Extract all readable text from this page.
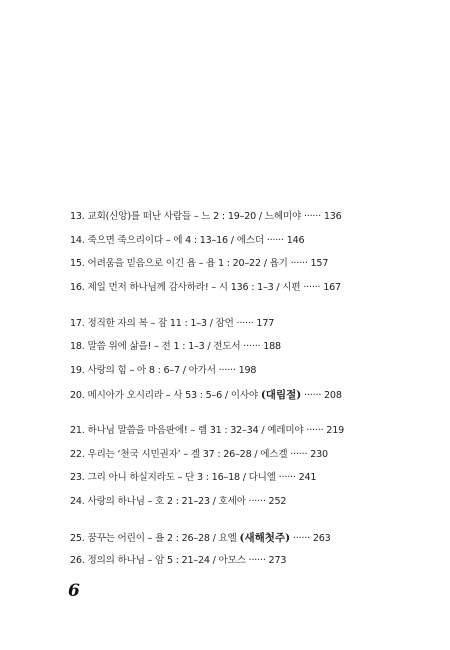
13. 교회(신앙)를 떠난 사람들 – 느 2 : 19–20 / 느헤미야 ······ 136
14. 죽으면 죽으리이다 – 에 4 : 13–16 / 에스더 ······ 146
15. 어려움을 믿음으로 이긴 욥 – 욥 1 : 20–22 / 욥기 ······ 157
16. 제일 먼저 하나님께 감사하라! – 시 136 : 1–3 / 시편 ······ 167
17. 정직한 자의 복 – 잠 11 : 1–3 / 잠언 ······ 177
18. 말씀 위에 삶을! – 전 1 : 1–3 / 전도서 ······ 188
19. 사랑의 힘 – 아 8 : 6–7 / 아가서 ······ 198
20. 메시아가 오시리라 – 사 53 : 5–6 / 이사야 (대림절) ······ 208
21. 하나님 말씀을 마음판에! – 렘 31 : 32–34 / 예레미야 ······ 219
22. 우리는 ‘천국 시민권자’ – 겔 37 : 26–28 / 에스겔 ······ 230
23. 그리 아니 하실지라도 – 단 3 : 16–18 / 다니엘 ······ 241
24. 사랑의 하나님 – 호 2 : 21–23 / 호세아 ······ 252
25. 꿈꾸는 어린이 – 욜 2 : 26–28 / 요엘 (새해첫주) ······ 263
26. 정의의 하나님 – 암 5 : 21–24 / 아모스 ······ 273
6
